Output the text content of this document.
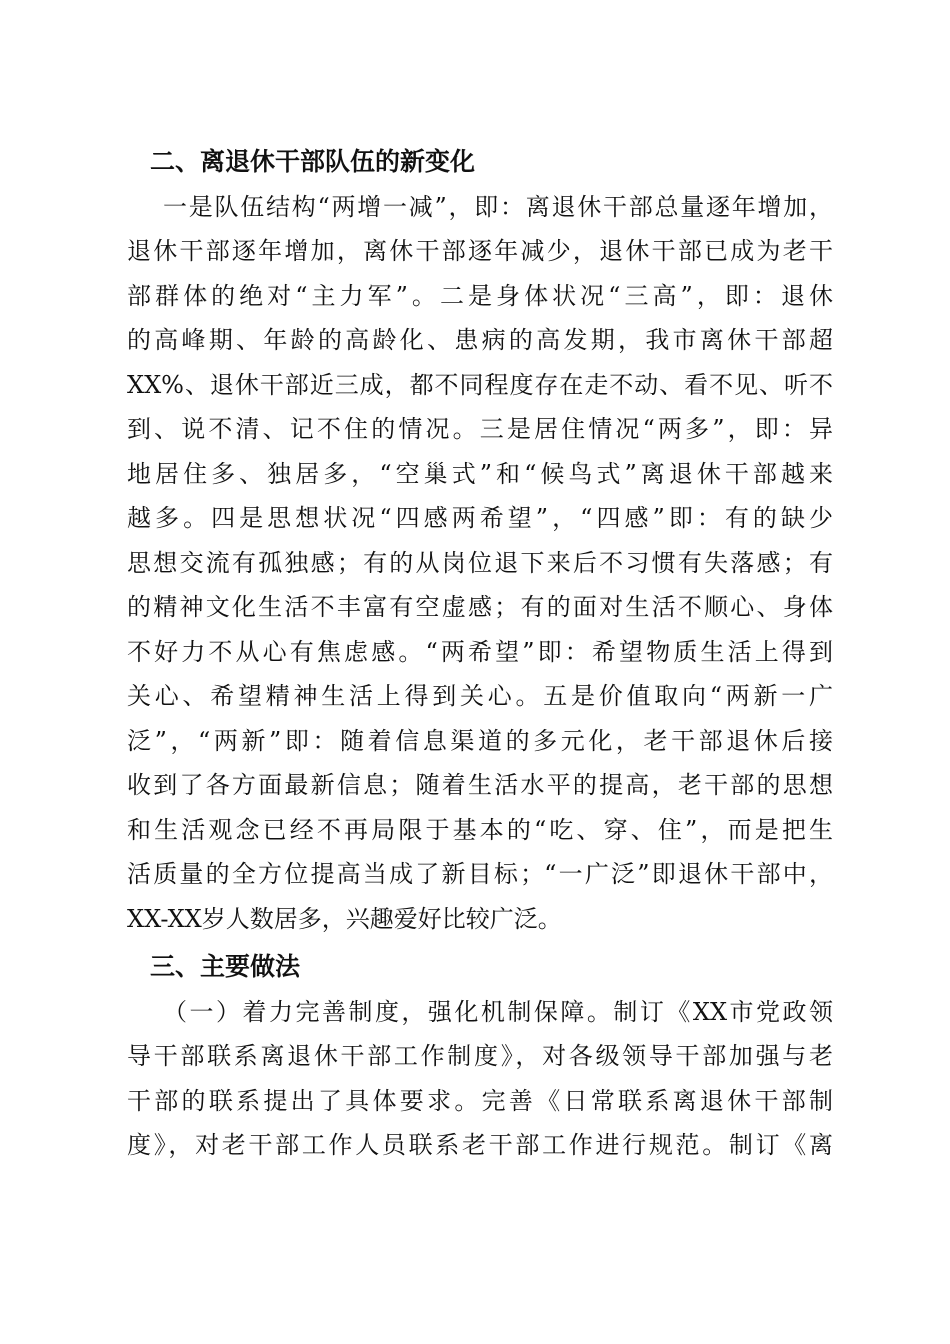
二、离退休干部队伍的新变化
一是队伍结构“两增一减”，即：离退休干部总量逐年增加，
退休干部逐年增加，离休干部逐年减少，退休干部已成为老干
部群体的绝对“主力军”。二是身体状况“三高”，即：退休
的高峰期、年龄的高龄化、患病的高发期，我市离休干部超
XX%、退休干部近三成，都不同程度存在走不动、看不见、听不
到、说不清、记不住的情况。三是居住情况“两多”，即：异
地居住多、独居多，“空巢式”和“候鸟式”离退休干部越来
越多。四是思想状况“四感两希望”，“四感”即：有的缺少
思想交流有孤独感；有的从岗位退下来后不习惯有失落感；有
的精神文化生活不丰富有空虚感；有的面对生活不顺心、身体
不好力不从心有焦虑感。“两希望”即：希望物质生活上得到
关心、希望精神生活上得到关心。五是价值取向“两新一广
泛”，“两新”即：随着信息渠道的多元化，老干部退休后接
收到了各方面最新信息；随着生活水平的提高，老干部的思想
和生活观念已经不再局限于基本的“吃、穿、住”，而是把生
活质量的全方位提高当成了新目标；“一广泛”即退休干部中，
XX-XX岁人数居多，兴趣爱好比较广泛。
三、主要做法
（一）着力完善制度，强化机制保障。制订《XX市党政领
导干部联系离退休干部工作制度》，对各级领导干部加强与老
干部的联系提出了具体要求。完善《日常联系离退休干部制
度》，对老干部工作人员联系老干部工作进行规范。制订《离
